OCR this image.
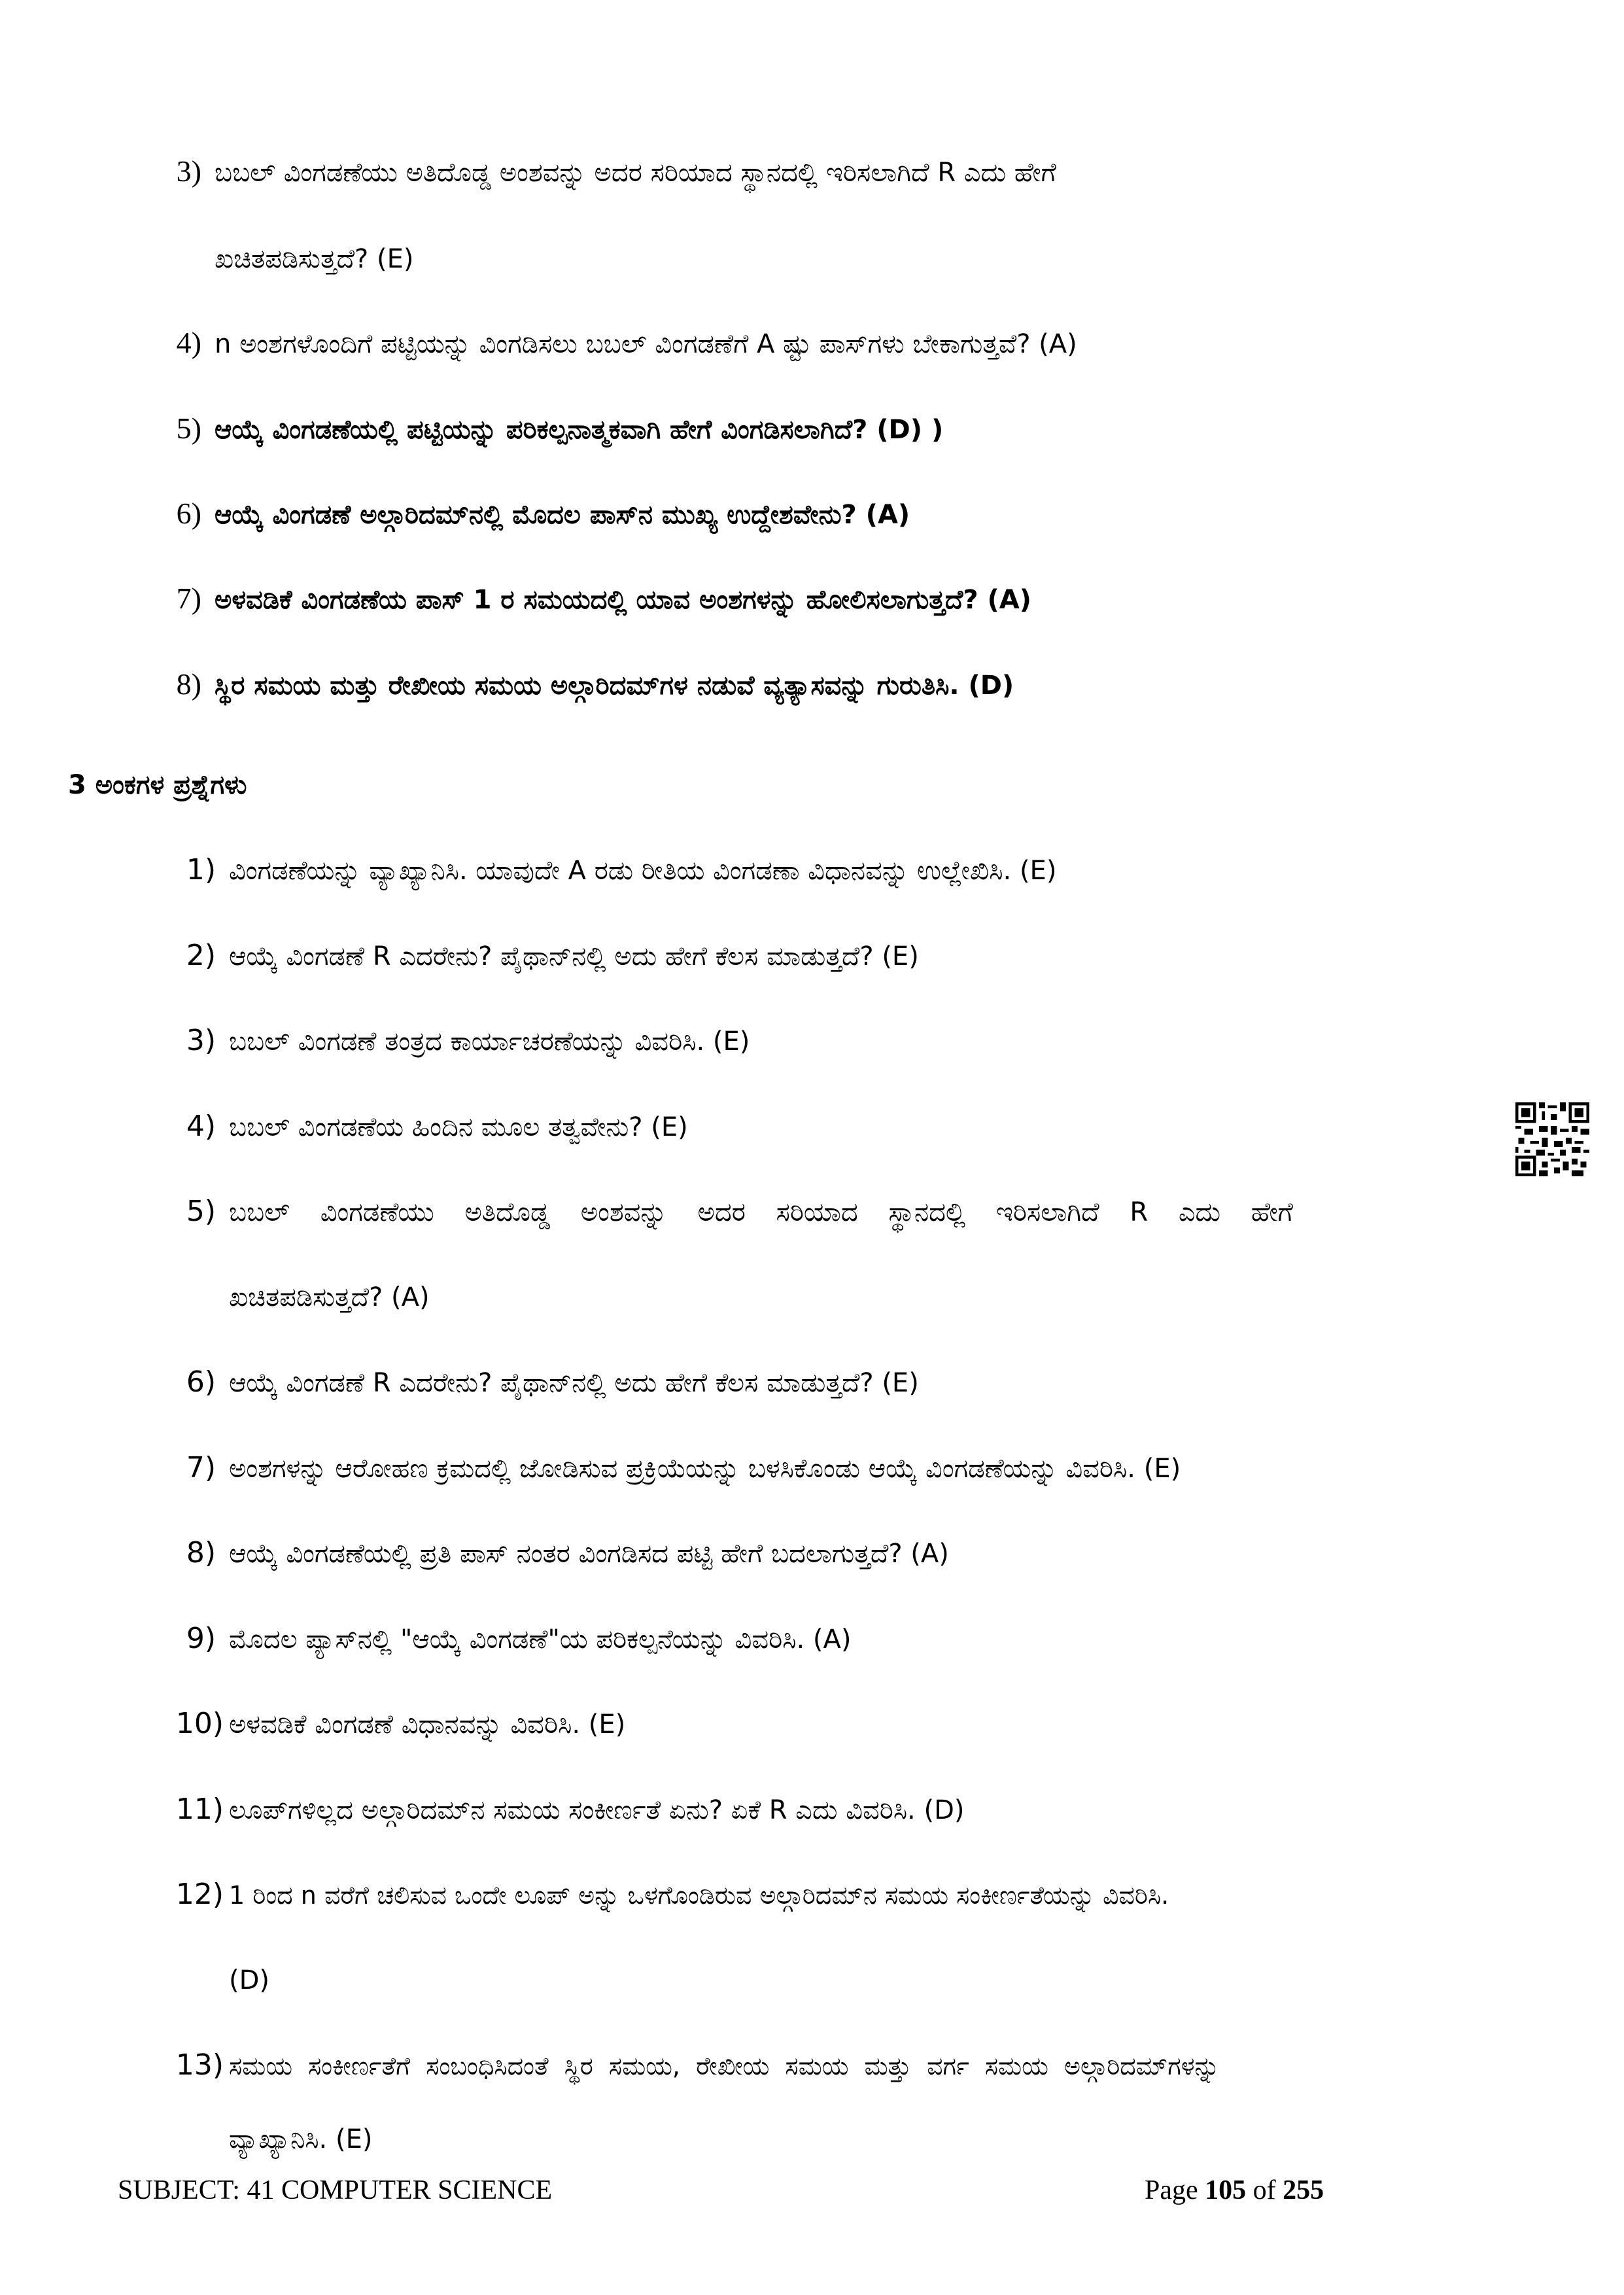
3) ಬಬಲ್ ವಿಂಗಡಣೆಯು ಅತಿದೊಡ್ಡ ಅಂಶವನ್ನು ಅದರ ಸರಿಯಾದ ಸ್ಥಾನದಲ್ಲಿ ಇರಿಸಲಾಗಿದೆ R ಎದು ಹೇಗೆ
ಖಚಿತಪಡಿಸುತ್ತದೆ? (E)
4) n ಅಂಶಗಳೊಂದಿಗೆ ಪಟ್ಟಿಯನ್ನು ವಿಂಗಡಿಸಲು ಬಬಲ್ ವಿಂಗಡಣೆಗೆ A ಷ್ಟು ಪಾಸ್‌ಗಳು ಬೇಕಾಗುತ್ತವೆ? (A)
5) ಆಯ್ಕೆ ವಿಂಗಡಣೆಯಲ್ಲಿ ಪಟ್ಟಿಯನ್ನು ಪರಿಕಲ್ಪನಾತ್ಮಕವಾಗಿ ಹೇಗೆ ವಿಂಗಡಿಸಲಾಗಿದೆ? (D) )
6) ಆಯ್ಕೆ ವಿಂಗಡಣೆ ಅಲ್ಗಾರಿದಮ್‌ನಲ್ಲಿ ಮೊದಲ ಪಾಸ್‌ನ ಮುಖ್ಯ ಉದ್ದೇಶವೇನು? (A)
7) ಅಳವಡಿಕೆ ವಿಂಗಡಣೆಯ ಪಾಸ್ 1 ರ ಸಮಯದಲ್ಲಿ ಯಾವ ಅಂಶಗಳನ್ನು ಹೋಲಿಸಲಾಗುತ್ತದೆ? (A)
8) ಸ್ಥಿರ ಸಮಯ ಮತ್ತು ರೇಖೀಯ ಸಮಯ ಅಲ್ಗಾರಿದಮ್‌ಗಳ ನಡುವೆ ವ್ಯತ್ಯಾಸವನ್ನು ಗುರುತಿಸಿ. (D)
3 ಅಂಕಗಳ ಪ್ರಶ್ನೆಗಳು
1) ವಿಂಗಡಣೆಯನ್ನು ವ್ಯಾಖ್ಯಾನಿಸಿ. ಯಾವುದೇ A ರಡು ರೀತಿಯ ವಿಂಗಡಣಾ ವಿಧಾನವನ್ನು ಉಲ್ಲೇಖಿಸಿ. (E)
2) ಆಯ್ಕೆ ವಿಂಗಡಣೆ R ಎದರೇನು? ಪೈಥಾನ್‌ನಲ್ಲಿ ಅದು ಹೇಗೆ ಕೆಲಸ ಮಾಡುತ್ತದೆ? (E)
3) ಬಬಲ್ ವಿಂಗಡಣೆ ತಂತ್ರದ ಕಾರ್ಯಾಚರಣೆಯನ್ನು ವಿವರಿಸಿ. (E)
4) ಬಬಲ್ ವಿಂಗಡಣೆಯ ಹಿಂದಿನ ಮೂಲ ತತ್ವವೇನು? (E)
5) ಬಬಲ್ ವಿಂಗಡಣೆಯು ಅತಿದೊಡ್ಡ ಅಂಶವನ್ನು ಅದರ ಸರಿಯಾದ ಸ್ಥಾನದಲ್ಲಿ ಇರಿಸಲಾಗಿದೆ R ಎದು ಹೇಗೆ
ಖಚಿತಪಡಿಸುತ್ತದೆ? (A)
6) ಆಯ್ಕೆ ವಿಂಗಡಣೆ R ಎದರೇನು? ಪೈಥಾನ್‌ನಲ್ಲಿ ಅದು ಹೇಗೆ ಕೆಲಸ ಮಾಡುತ್ತದೆ? (E)
7) ಅಂಶಗಳನ್ನು ಆರೋಹಣ ಕ್ರಮದಲ್ಲಿ ಜೋಡಿಸುವ ಪ್ರಕ್ರಿಯೆಯನ್ನು ಬಳಸಿಕೊಂಡು ಆಯ್ಕೆ ವಿಂಗಡಣೆಯನ್ನು ವಿವರಿಸಿ. (E)
8) ಆಯ್ಕೆ ವಿಂಗಡಣೆಯಲ್ಲಿ ಪ್ರತಿ ಪಾಸ್ ನಂತರ ವಿಂಗಡಿಸದ ಪಟ್ಟಿ ಹೇಗೆ ಬದಲಾಗುತ್ತದೆ? (A)
9) ಮೊದಲ ಪ್ಯಾಸ್‌ನಲ್ಲಿ "ಆಯ್ಕೆ ವಿಂಗಡಣೆ"ಯ ಪರಿಕಲ್ಪನೆಯನ್ನು ವಿವರಿಸಿ. (A)
10) ಅಳವಡಿಕೆ ವಿಂಗಡಣೆ ವಿಧಾನವನ್ನು ವಿವರಿಸಿ. (E)
11) ಲೂಪ್‌ಗಳಿಲ್ಲದ ಅಲ್ಗಾರಿದಮ್‌ನ ಸಮಯ ಸಂಕೀರ್ಣತೆ ಏನು? ಏಕೆ R ಎದು ವಿವರಿಸಿ. (D)
12) 1 ರಿಂದ n ವರೆಗೆ ಚಲಿಸುವ ಒಂದೇ ಲೂಪ್ ಅನ್ನು ಒಳಗೊಂಡಿರುವ ಅಲ್ಗಾರಿದಮ್‌ನ ಸಮಯ ಸಂಕೀರ್ಣತೆಯನ್ನು ವಿವರಿಸಿ.
(D)
13) ಸಮಯ ಸಂಕೀರ್ಣತೆಗೆ ಸಂಬಂಧಿಸಿದಂತೆ ಸ್ಥಿರ ಸಮಯ, ರೇಖೀಯ ಸಮಯ ಮತ್ತು ವರ್ಗ ಸಮಯ ಅಲ್ಗಾರಿದಮ್‌ಗಳನ್ನು
ವ್ಯಾಖ್ಯಾನಿಸಿ. (E)
SUBJECT: 41 COMPUTER SCIENCE	Page 105 of 255
